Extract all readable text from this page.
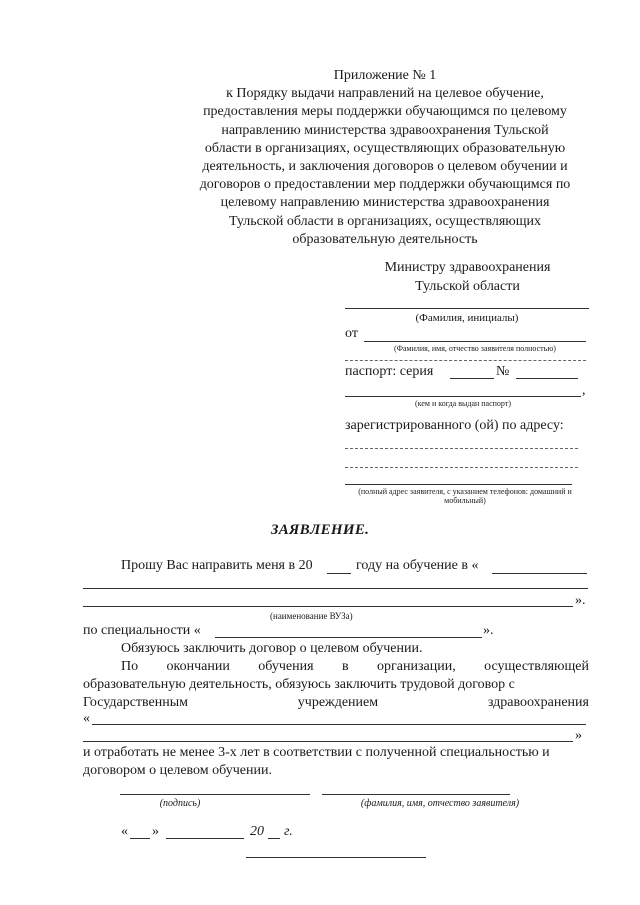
Приложение № 1
к Порядку выдачи направлений на целевое обучение,
предоставления меры поддержки обучающимся по целевому
направлению министерства здравоохранения Тульской
области в организациях, осуществляющих образовательную
деятельность, и заключения договоров о целевом обучении и
договоров о предоставлении мер поддержки обучающимся по
целевому направлению министерства здравоохранения
Тульской области в организациях, осуществляющих
образовательную деятельность
Министру здравоохранения
Тульской области
(Фамилия, инициалы)
от
(Фамилия, имя, отчество заявителя полностью)
паспорт: серия	№
,
(кем и когда выдан паспорт)
зарегистрированного (ой) по адресу:
(полный адрес заявителя, с указанием телефонов: домашний и мобильный)
ЗАЯВЛЕНИЕ.
Прошу Вас направить меня в 20	году на обучение в «
».
(наименование ВУЗа)
по специальности «	».
Обязуюсь заключить договор о целевом обучении.
По окончании обучения в организации, осуществляющей
образовательную деятельность, обязуюсь заключить трудовой договор с
Государственным	учреждением	здравоохранения
«
»
и отработать не менее 3-х лет в соответствии с полученной специальностью и
договором о целевом обучении.
(подпись)	(фамилия, имя, отчество заявителя)
« »	20 г.
